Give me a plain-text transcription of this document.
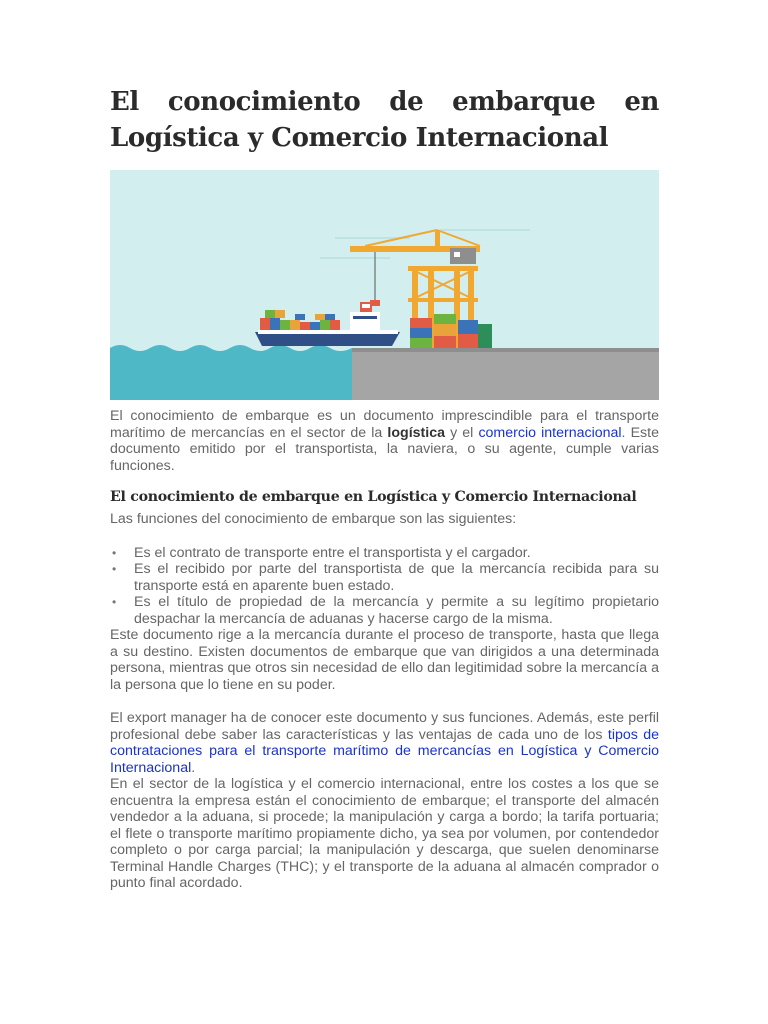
El conocimiento de embarque en Logística y Comercio Internacional

El conocimiento de embarque es un documento imprescindible para el transporte marítimo de mercancías en el sector de la logística y el comercio internacional. Este documento emitido por el transportista, la naviera, o su agente, cumple varias funciones.

El conocimiento de embarque en Logística y Comercio Internacional

Las funciones del conocimiento de embarque son las siguientes:

• Es el contrato de transporte entre el transportista y el cargador.
• Es el recibido por parte del transportista de que la mercancía recibida para su transporte está en aparente buen estado.
• Es el título de propiedad de la mercancía y permite a su legítimo propietario despachar la mercancía de aduanas y hacerse cargo de la misma.

Este documento rige a la mercancía durante el proceso de transporte, hasta que llega a su destino. Existen documentos de embarque que van dirigidos a una determinada persona, mientras que otros sin necesidad de ello dan legitimidad sobre la mercancía a la persona que lo tiene en su poder.

El export manager ha de conocer este documento y sus funciones. Además, este perfil profesional debe saber las características y las ventajas de cada uno de los tipos de contrataciones para el transporte marítimo de mercancías en Logística y Comercio Internacional.

En el sector de la logística y el comercio internacional, entre los costes a los que se encuentra la empresa están el conocimiento de embarque; el transporte del almacén vendedor a la aduana, si procede; la manipulación y carga a bordo; la tarifa portuaria; el flete o transporte marítimo propiamente dicho, ya sea por volumen, por contendedor completo o por carga parcial; la manipulación y descarga, que suelen denominarse Terminal Handle Charges (THC); y el transporte de la aduana al almacén comprador o punto final acordado.
